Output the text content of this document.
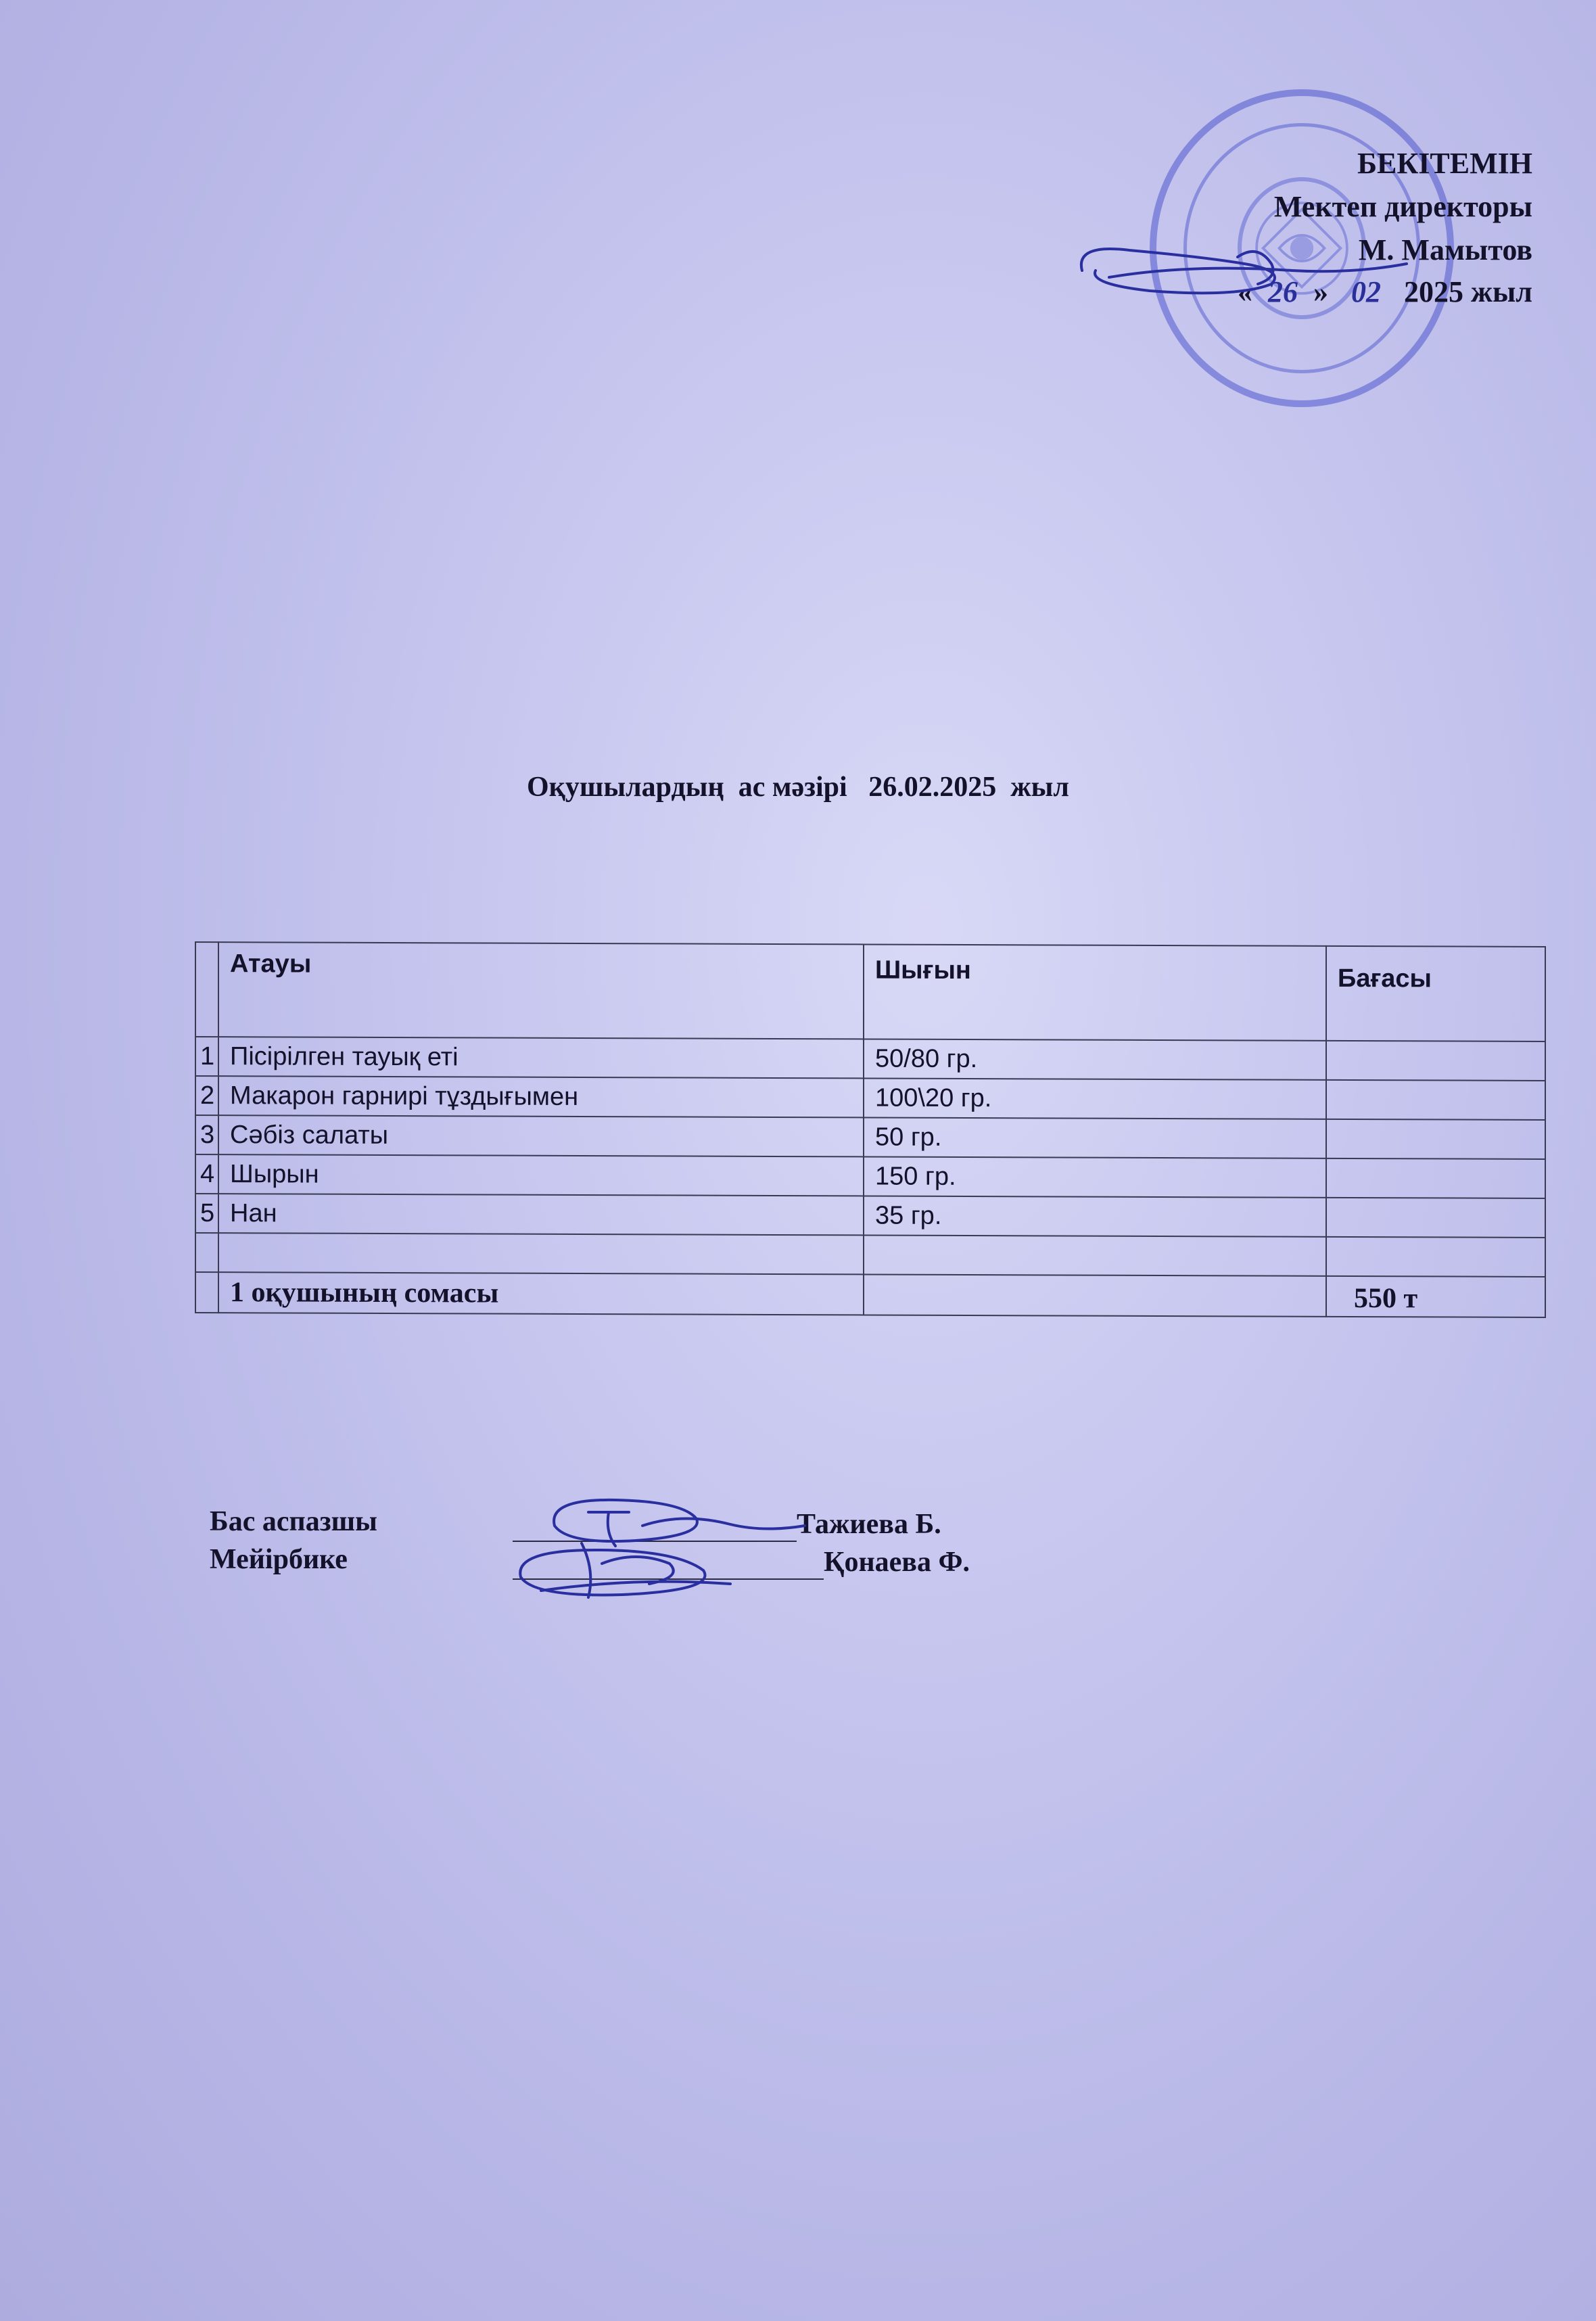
БЕКІТЕМІН
Мектеп директоры
М. Мамытов
« 26 » 02 2025 жыл
Оқушылардың  ас мәзірі   26.02.2025  жыл
	Атауы	Шығын	Бағасы
1	Пісірілген тауық еті	50/80 гр.	
2	Макарон гарнирі тұздығымен	100\20 гр.	
3	Сәбіз салаты	50 гр.	
4	Шырын	150 гр.	
5	Нан	35 гр.	

	1 оқушының сомасы		550 т
Бас аспазшы
Мейірбике
Тажиева Б.
Қонаева Ф.
